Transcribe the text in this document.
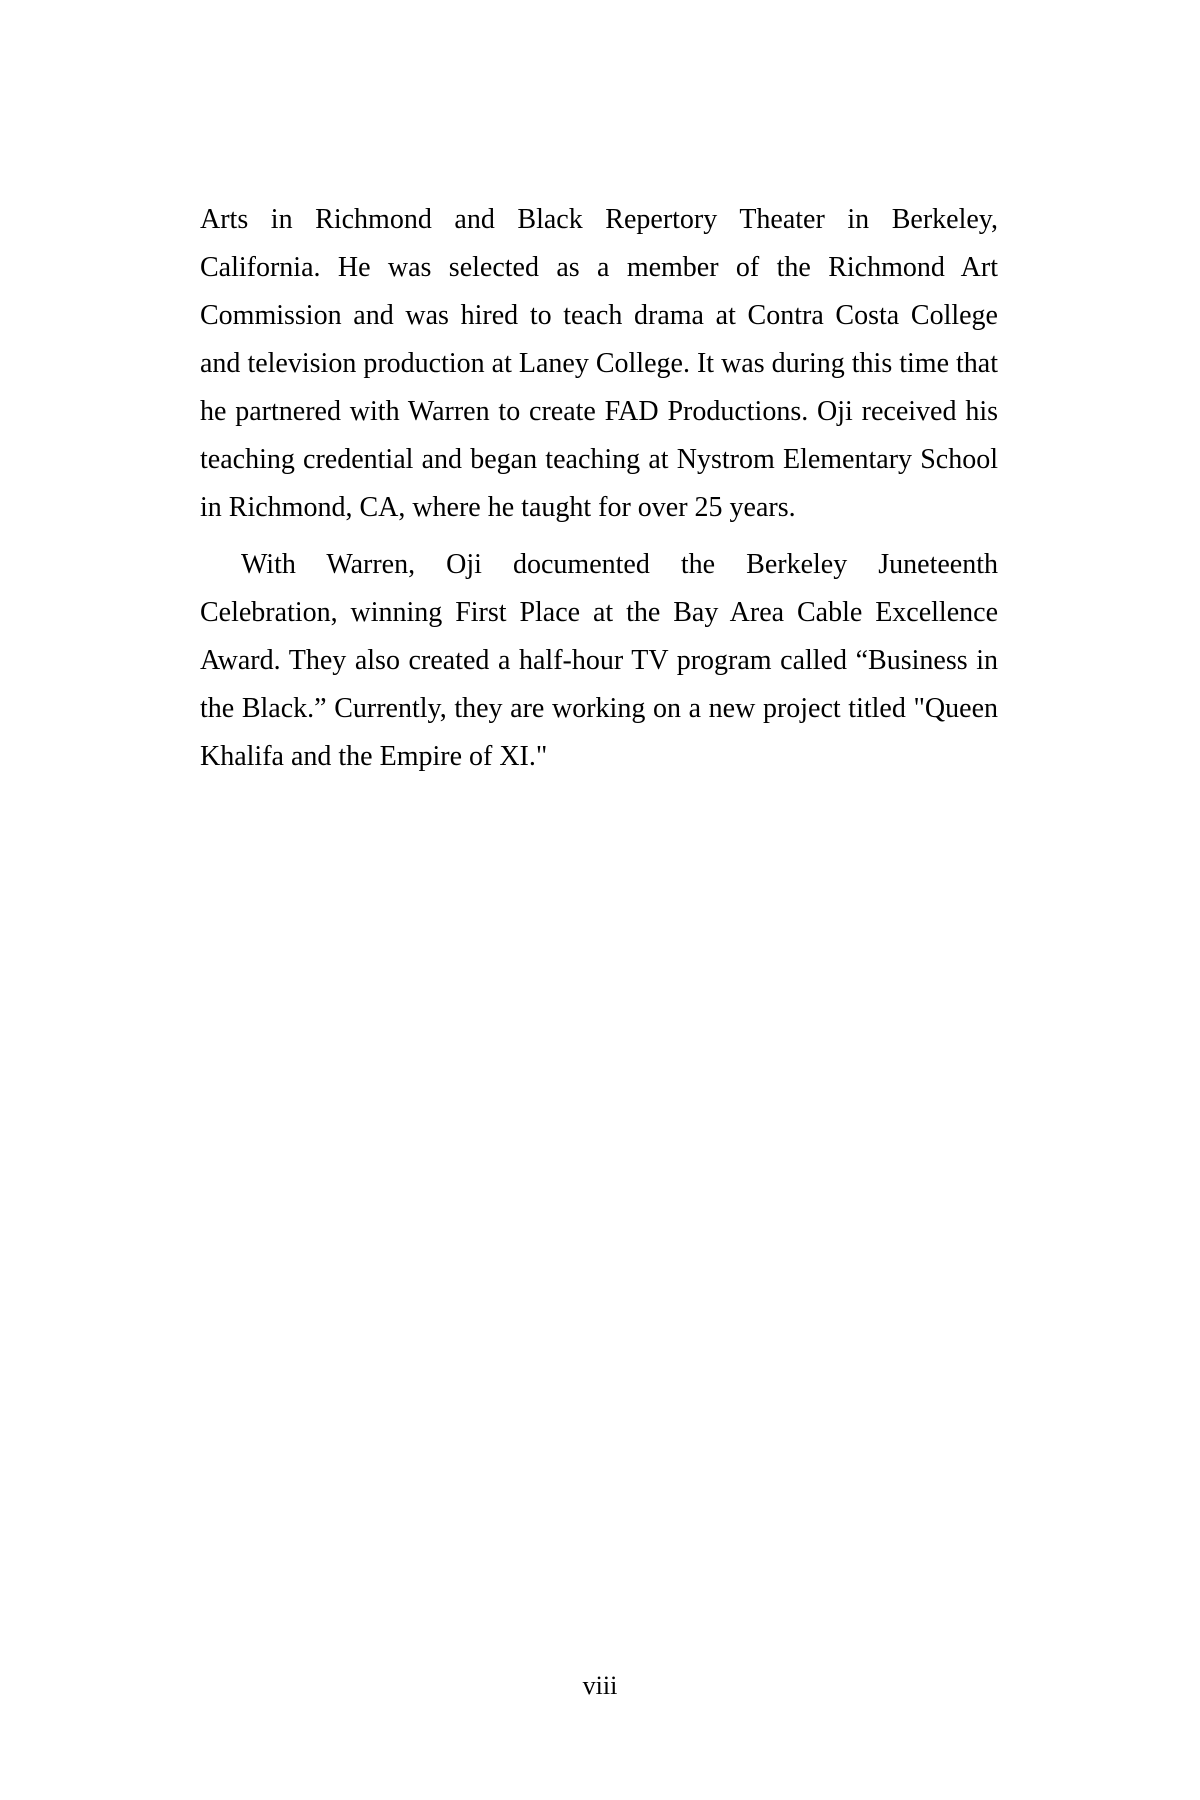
Arts in Richmond and Black Repertory Theater in Berkeley, California. He was selected as a member of the Richmond Art Commission and was hired to teach drama at Contra Costa College and television production at Laney College. It was during this time that he partnered with Warren to create FAD Productions. Oji received his teaching credential and began teaching at Nystrom Elementary School in Richmond, CA, where he taught for over 25 years.

With Warren, Oji documented the Berkeley Juneteenth Celebration, winning First Place at the Bay Area Cable Excellence Award. They also created a half-hour TV program called “Business in the Black.” Currently, they are working on a new project titled "Queen Khalifa and the Empire of XI."

viii
